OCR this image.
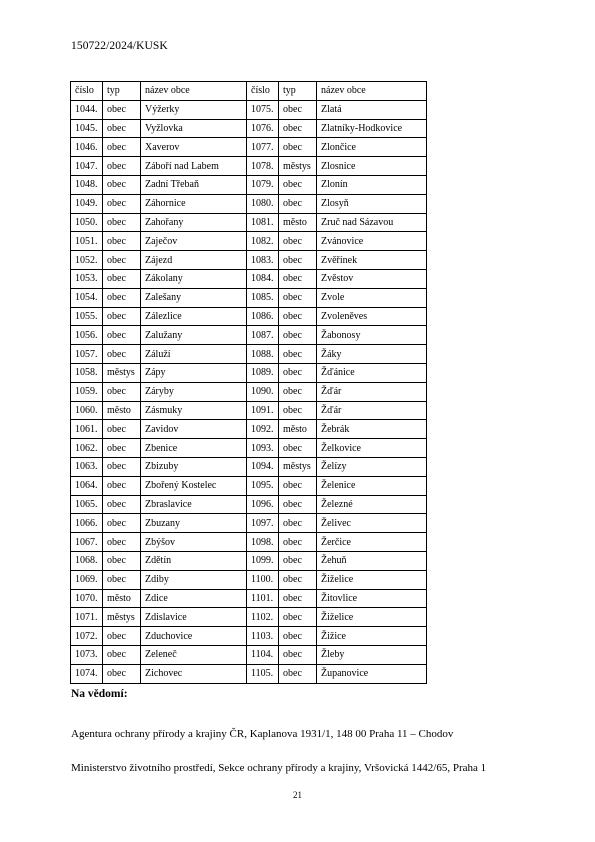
150722/2024/KUSK
číslo	typ	název obce	číslo	typ	název obce
1044.	obec	Výžerky	1075.	obec	Zlatá
1045.	obec	Vyžlovka	1076.	obec	Zlatníky-Hodkovice
1046.	obec	Xaverov	1077.	obec	Zlončice
1047.	obec	Záboří nad Labem	1078.	městys	Zlosnice
1048.	obec	Zadní Třebaň	1079.	obec	Zlonín
1049.	obec	Záhornice	1080.	obec	Zlosyň
1050.	obec	Zahořany	1081.	město	Zruč nad Sázavou
1051.	obec	Zaječov	1082.	obec	Zvánovice
1052.	obec	Zájezd	1083.	obec	Zvěřínek
1053.	obec	Zákolany	1084.	obec	Zvěstov
1054.	obec	Zalešany	1085.	obec	Zvole
1055.	obec	Zálezlice	1086.	obec	Zvoleněves
1056.	obec	Zalužany	1087.	obec	Žabonosy
1057.	obec	Záluží	1088.	obec	Žáky
1058.	městys	Zápy	1089.	obec	Žďánice
1059.	obec	Záryby	1090.	obec	Žďár
1060.	město	Zásmuky	1091.	obec	Žďár
1061.	obec	Zavidov	1092.	město	Žebrák
1062.	obec	Zbenice	1093.	obec	Želkovice
1063.	obec	Zbizuby	1094.	městys	Želízy
1064.	obec	Zbořený Kostelec	1095.	obec	Želenice
1065.	obec	Zbraslavice	1096.	obec	Železné
1066.	obec	Zbuzany	1097.	obec	Želivec
1067.	obec	Zbýšov	1098.	obec	Žerčice
1068.	obec	Zdětín	1099.	obec	Žehuň
1069.	obec	Zdiby	1100.	obec	Žiželice
1070.	město	Zdice	1101.	obec	Žitovlice
1071.	městys	Zdislavice	1102.	obec	Žiželice
1072.	obec	Zduchovice	1103.	obec	Žižice
1073.	obec	Zeleneč	1104.	obec	Žleby
1074.	obec	Zichovec	1105.	obec	Županovice
Na vědomí:
Agentura ochrany přírody a krajiny ČR, Kaplanova 1931/1, 148 00 Praha 11 – Chodov
Ministerstvo životního prostředí, Sekce ochrany přírody a krajiny, Vršovická 1442/65, Praha 1
21
